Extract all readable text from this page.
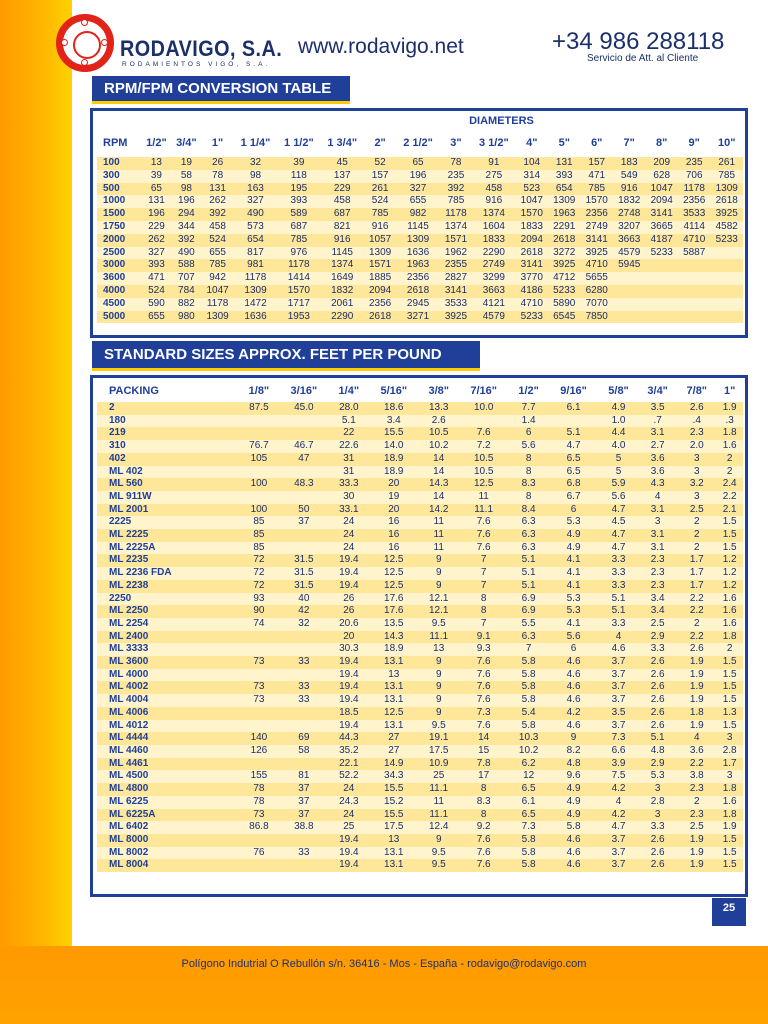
RODAVIGO, S.A.
RODAMIENTOS VIGO, S.A.
www.rodavigo.net	+34 986 288118
Servicio de Att. al Cliente
RPM/FPM CONVERSION TABLE
DIAMETERS
RPM	1/2"	3/4"	1"	1 1/4"	1 1/2"	1 3/4"	2"	2 1/2"	3"	3 1/2"	4"	5"	6"	7"	8"	9"	10"
100	13	19	26	32	39	45	52	65	78	91	104	131	157	183	209	235	261
300	39	58	78	98	118	137	157	196	235	275	314	393	471	549	628	706	785
500	65	98	131	163	195	229	261	327	392	458	523	654	785	916	1047	1178	1309
1000	131	196	262	327	393	458	524	655	785	916	1047	1309	1570	1832	2094	2356	2618
1500	196	294	392	490	589	687	785	982	1178	1374	1570	1963	2356	2748	3141	3533	3925
1750	229	344	458	573	687	821	916	1145	1374	1604	1833	2291	2749	3207	3665	4114	4582
2000	262	392	524	654	785	916	1057	1309	1571	1833	2094	2618	3141	3663	4187	4710	5233
2500	327	490	655	817	976	1145	1309	1636	1962	2290	2618	3272	3925	4579	5233	5887	
3000	393	588	785	981	1178	1374	1571	1963	2355	2749	3141	3925	4710	5945			
3600	471	707	942	1178	1414	1649	1885	2356	2827	3299	3770	4712	5655				
4000	524	784	1047	1309	1570	1832	2094	2618	3141	3663	4186	5233	6280				
4500	590	882	1178	1472	1717	2061	2356	2945	3533	4121	4710	5890	7070				
5000	655	980	1309	1636	1953	2290	2618	3271	3925	4579	5233	6545	7850				
STANDARD SIZES APPROX. FEET PER POUND
PACKING	1/8"	3/16"	1/4"	5/16"	3/8"	7/16"	1/2"	9/16"	5/8"	3/4"	7/8"	1"
2	87.5	45.0	28.0	18.6	13.3	10.0	7.7	6.1	4.9	3.5	2.6	1.9
180			5.1	3.4	2.6		1.4		1.0	.7	.4	.3
219			22	15.5	10.5	7.6	6	5.1	4.4	3.1	2.3	1.8
310	76.7	46.7	22.6	14.0	10.2	7.2	5.6	4.7	4.0	2.7	2.0	1.6
402	105	47	31	18.9	14	10.5	8	6.5	5	3.6	3	2
ML 402			31	18.9	14	10.5	8	6.5	5	3.6	3	2
ML 560	100	48.3	33.3	20	14.3	12.5	8.3	6.8	5.9	4.3	3.2	2.4
ML 911W			30	19	14	11	8	6.7	5.6	4	3	2.2
ML 2001	100	50	33.1	20	14.2	11.1	8.4	6	4.7	3.1	2.5	2.1
2225	85	37	24	16	11	7.6	6.3	5.3	4.5	3	2	1.5
ML 2225	85		24	16	11	7.6	6.3	4.9	4.7	3.1	2	1.5
ML 2225A	85		24	16	11	7.6	6.3	4.9	4.7	3.1	2	1.5
ML 2235	72	31.5	19.4	12.5	9	7	5.1	4.1	3.3	2.3	1.7	1.2
ML 2236 FDA	72	31.5	19.4	12.5	9	7	5.1	4.1	3.3	2.3	1.7	1.2
ML 2238	72	31.5	19.4	12.5	9	7	5.1	4.1	3.3	2.3	1.7	1.2
2250	93	40	26	17.6	12.1	8	6.9	5.3	5.1	3.4	2.2	1.6
ML 2250	90	42	26	17.6	12.1	8	6.9	5.3	5.1	3.4	2.2	1.6
ML 2254	74	32	20.6	13.5	9.5	7	5.5	4.1	3.3	2.5	2	1.6
ML 2400			20	14.3	11.1	9.1	6.3	5.6	4	2.9	2.2	1.8
ML 3333			30.3	18.9	13	9.3	7	6	4.6	3.3	2.6	2
ML 3600	73	33	19.4	13.1	9	7.6	5.8	4.6	3.7	2.6	1.9	1.5
ML 4000			19.4	13	9	7.6	5.8	4.6	3.7	2.6	1.9	1.5
ML 4002	73	33	19.4	13.1	9	7.6	5.8	4.6	3.7	2.6	1.9	1.5
ML 4004	73	33	19.4	13.1	9	7.6	5.8	4.6	3.7	2.6	1.9	1.5
ML 4006			18.5	12.5	9	7.3	5.4	4.2	3.5	2.6	1.8	1.3
ML 4012			19.4	13.1	9.5	7.6	5.8	4.6	3.7	2.6	1.9	1.5
ML 4444	140	69	44.3	27	19.1	14	10.3	9	7.3	5.1	4	3
ML 4460	126	58	35.2	27	17.5	15	10.2	8.2	6.6	4.8	3.6	2.8
ML 4461			22.1	14.9	10.9	7.8	6.2	4.8	3.9	2.9	2.2	1.7
ML 4500	155	81	52.2	34.3	25	17	12	9.6	7.5	5.3	3.8	3
ML 4800	78	37	24	15.5	11.1	8	6.5	4.9	4.2	3	2.3	1.8
ML 6225	78	37	24.3	15.2	11	8.3	6.1	4.9	4	2.8	2	1.6
ML 6225A	73	37	24	15.5	11.1	8	6.5	4.9	4.2	3	2.3	1.8
ML 6402	86.8	38.8	25	17.5	12.4	9.2	7.3	5.8	4.7	3.3	2.5	1.9
ML 8000			19.4	13	9	7.6	5.8	4.6	3.7	2.6	1.9	1.5
ML 8002	76	33	19.4	13.1	9.5	7.6	5.8	4.6	3.7	2.6	1.9	1.5
ML 8004			19.4	13.1	9.5	7.6	5.8	4.6	3.7	2.6	1.9	1.5
25
Polígono Indutrial O Rebullón s/n. 36416 - Mos - España - rodavigo@rodavigo.com
